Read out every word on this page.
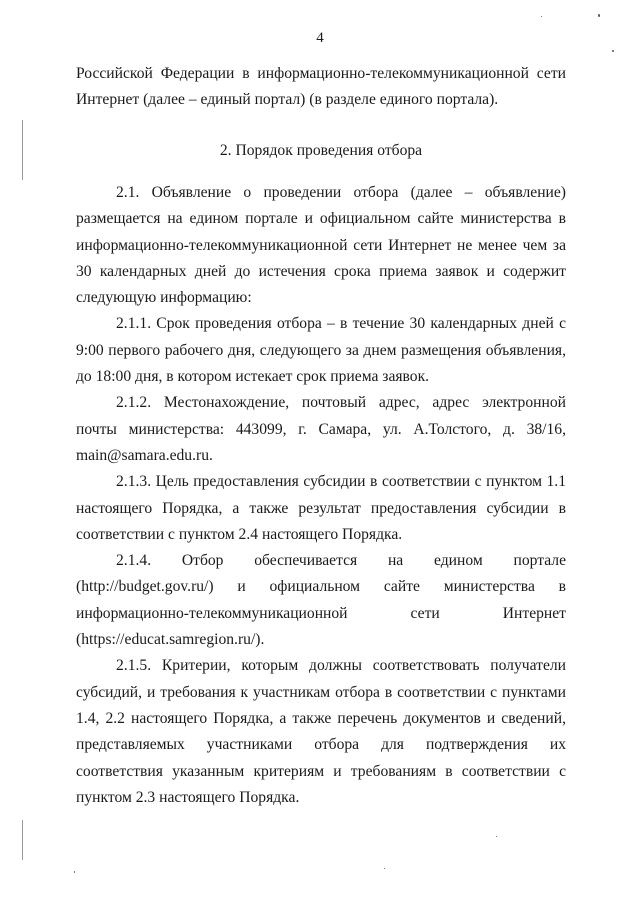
4

Российской Федерации в информационно-телекоммуникационной сети Интернет (далее – единый портал) (в разделе единого портала).

2. Порядок проведения отбора

2.1. Объявление о проведении отбора (далее – объявление) размещается на едином портале и официальном сайте министерства в информационно-телекоммуникационной сети Интернет не менее чем за 30 календарных дней до истечения срока приема заявок и содержит следующую информацию:

2.1.1. Срок проведения отбора – в течение 30 календарных дней с 9:00 первого рабочего дня, следующего за днем размещения объявления, до 18:00 дня, в котором истекает срок приема заявок.

2.1.2. Местонахождение, почтовый адрес, адрес электронной почты министерства: 443099, г. Самара, ул. А.Толстого, д. 38/16, main@samara.edu.ru.

2.1.3. Цель предоставления субсидии в соответствии с пунктом 1.1 настоящего Порядка, а также результат предоставления субсидии в соответствии с пунктом 2.4 настоящего Порядка.

2.1.4. Отбор обеспечивается на едином портале (http://budget.gov.ru/) и официальном сайте министерства в информационно-телекоммуникационной сети Интернет (https://educat.samregion.ru/).

2.1.5. Критерии, которым должны соответствовать получатели субсидий, и требования к участникам отбора в соответствии с пунктами 1.4, 2.2 настоящего Порядка, а также перечень документов и сведений, представляемых участниками отбора для подтверждения их соответствия указанным критериям и требованиям в соответствии с пунктом 2.3 настоящего Порядка.
